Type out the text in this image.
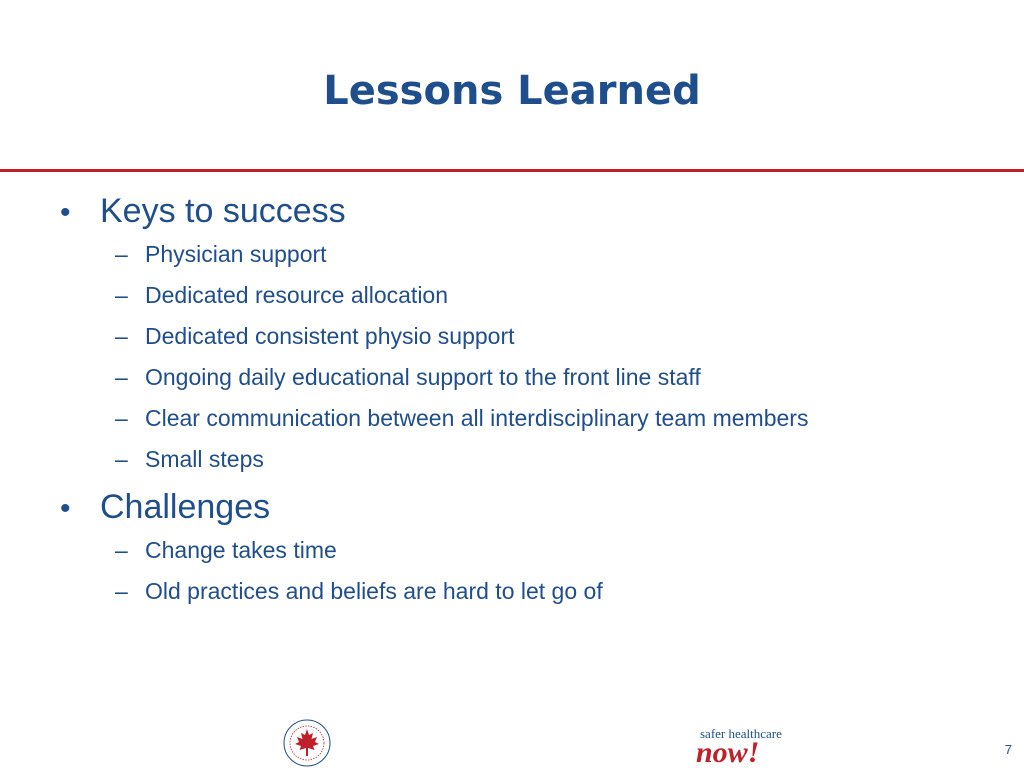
Lessons Learned
• Keys to success
– Physician support
– Dedicated resource allocation
– Dedicated consistent physio support
– Ongoing daily educational support to the front line staff
– Clear communication between all interdisciplinary team members
– Small steps
• Challenges
– Change takes time
– Old practices and beliefs are hard to let go of
safer healthcare
now!	7
